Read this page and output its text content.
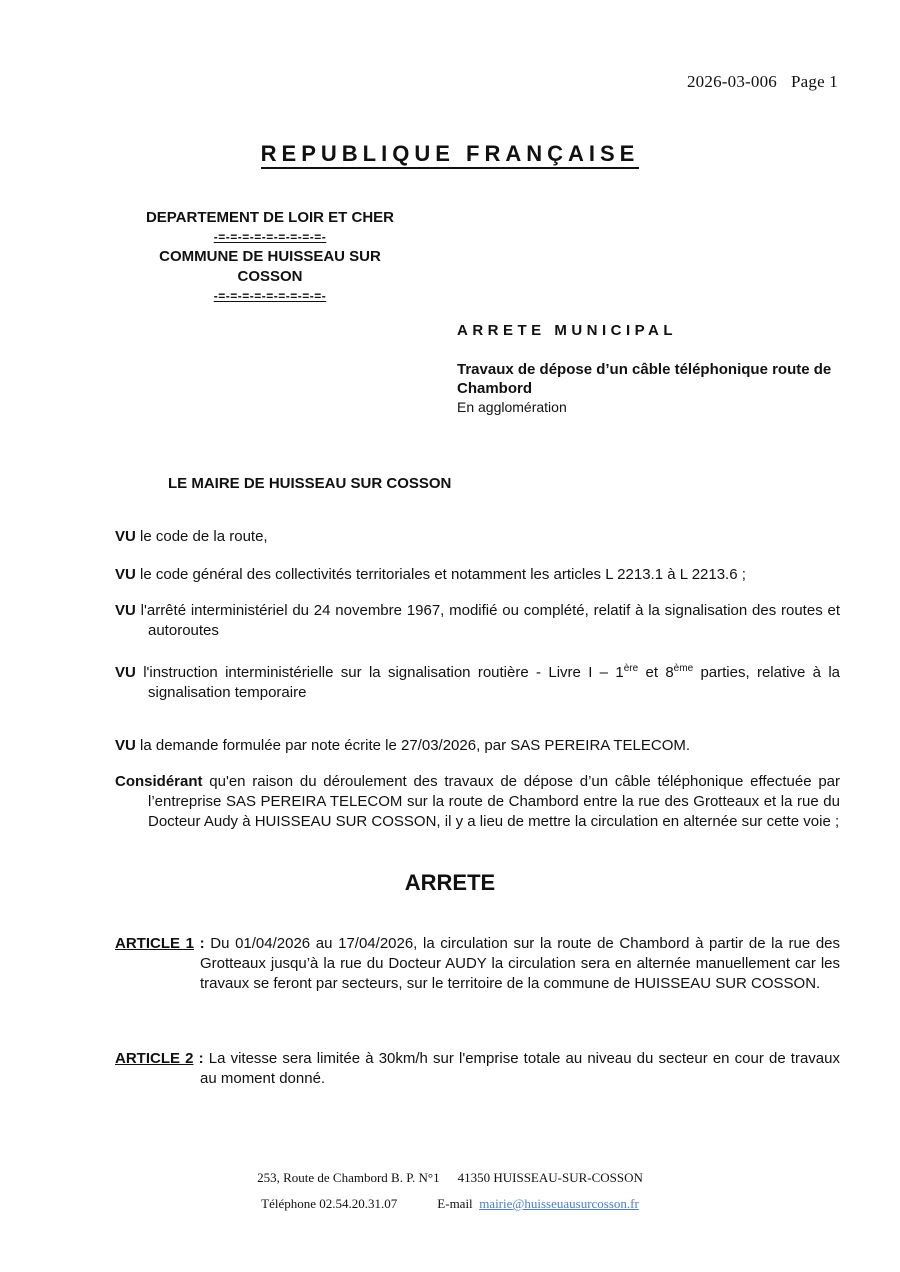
2026-03-006 Page 1
REPUBLIQUE FRANÇAISE
DEPARTEMENT DE LOIR ET CHER
-=-=-=-=-=-=-=-=-=-
COMMUNE DE HUISSEAU SUR
COSSON
-=-=-=-=-=-=-=-=-=-
ARRETE MUNICIPAL
Travaux de dépose d’un câble téléphonique route de Chambord
En agglomération
LE MAIRE DE HUISSEAU SUR COSSON
VU le code de la route,
VU le code général des collectivités territoriales et notamment les articles L 2213.1 à L 2213.6 ;
VU l'arrêté interministériel du 24 novembre 1967, modifié ou complété, relatif à la signalisation des routes et autoroutes
VU l'instruction interministérielle sur la signalisation routière - Livre I – 1ère et 8ème parties, relative à la signalisation temporaire
VU la demande formulée par note écrite le 27/03/2026, par SAS PEREIRA TELECOM.
Considérant qu'en raison du déroulement des travaux de dépose d’un câble téléphonique effectuée par l’entreprise SAS PEREIRA TELECOM sur la route de Chambord entre la rue des Grotteaux et la rue du Docteur Audy à HUISSEAU SUR COSSON, il y a lieu de mettre la circulation en alternée sur cette voie ;
ARRETE
ARTICLE 1 : Du 01/04/2026 au 17/04/2026, la circulation sur la route de Chambord à partir de la rue des Grotteaux jusqu’à la rue du Docteur AUDY la circulation sera en alternée manuellement car les travaux se feront par secteurs, sur le territoire de la commune de HUISSEAU SUR COSSON.
ARTICLE 2 : La vitesse sera limitée à 30km/h sur l'emprise totale au niveau du secteur en cour de travaux au moment donné.
253, Route de Chambord B. P. N°1 41350 HUISSEAU-SUR-COSSON
Téléphone 02.54.20.31.07	E-mail mairie@huisseuausurcosson.fr
